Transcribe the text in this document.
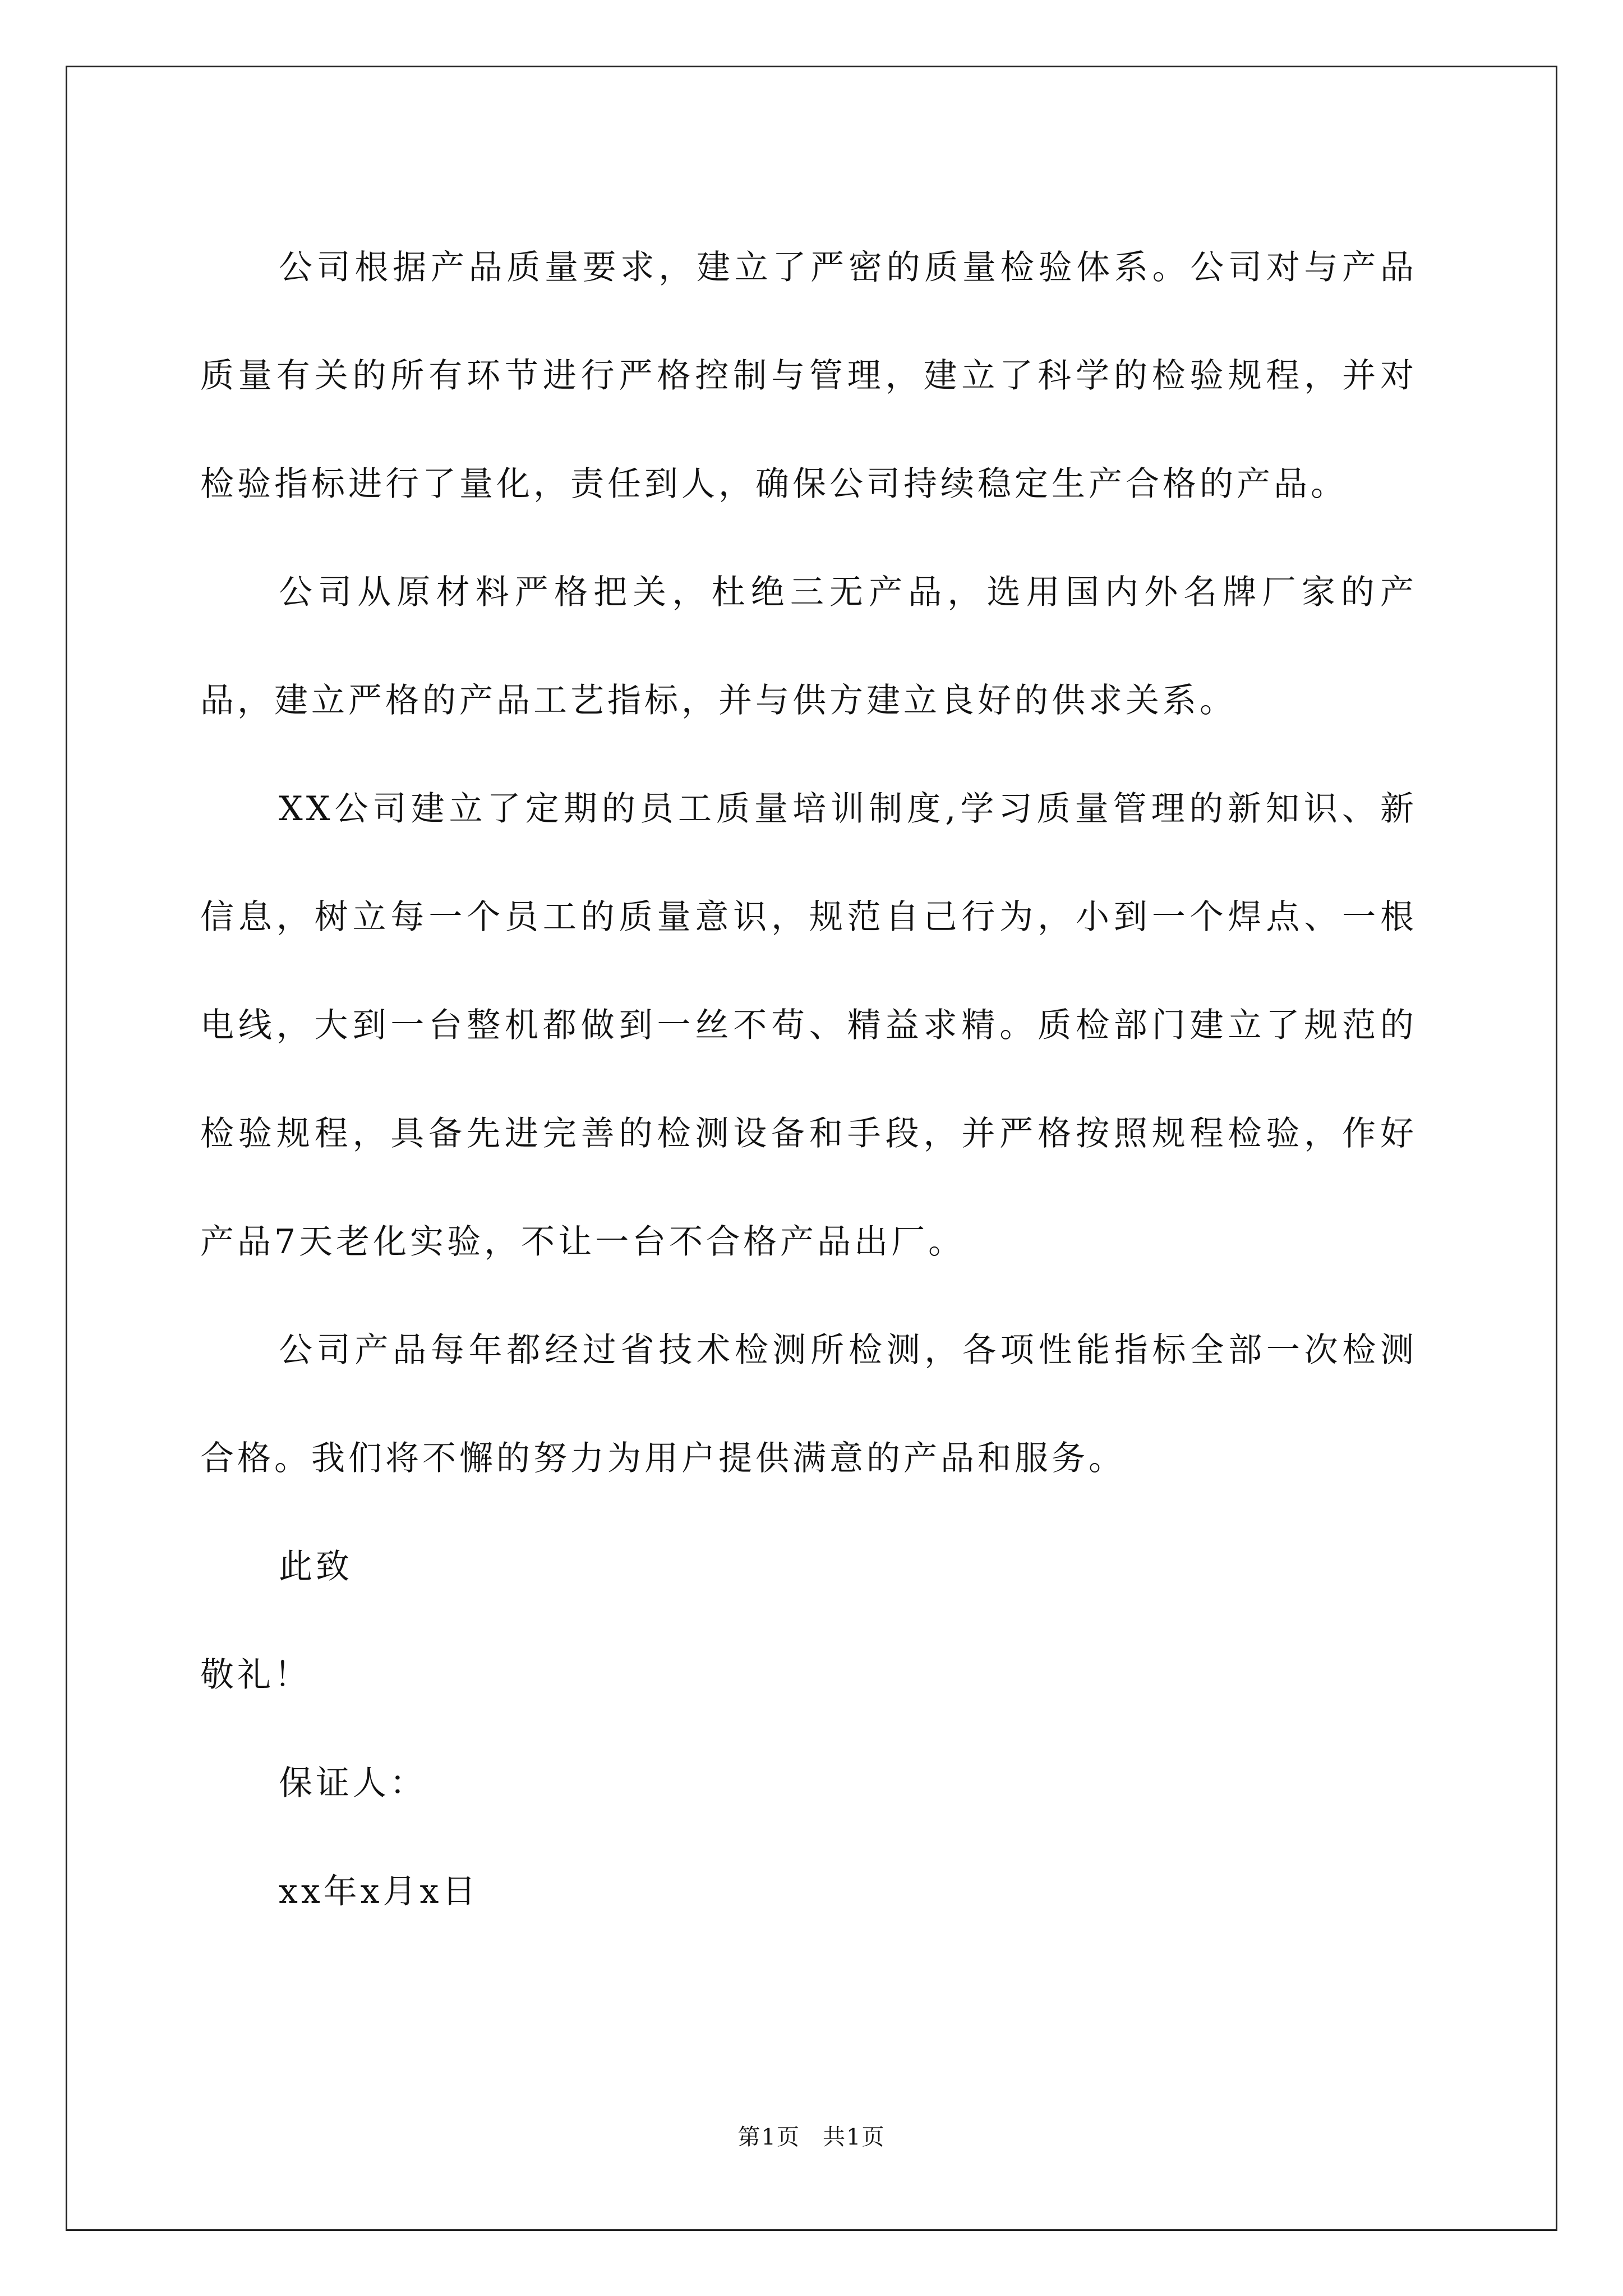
公司根据产品质量要求，建立了严密的质量检验体系。公司对与产品质量有关的所有环节进行严格控制与管理，建立了科学的检验规程，并对检验指标进行了量化，责任到人，确保公司持续稳定生产合格的产品。

公司从原材料严格把关，杜绝三无产品，选用国内外名牌厂家的产品，建立严格的产品工艺指标，并与供方建立良好的供求关系。

XX公司建立了定期的员工质量培训制度,学习质量管理的新知识、新信息，树立每一个员工的质量意识，规范自己行为，小到一个焊点、一根电线，大到一台整机都做到一丝不苟、精益求精。质检部门建立了规范的检验规程，具备先进完善的检测设备和手段，并严格按照规程检验，作好产品7天老化实验，不让一台不合格产品出厂。

公司产品每年都经过省技术检测所检测，各项性能指标全部一次检测合格。我们将不懈的努力为用户提供满意的产品和服务。

此致

敬礼！

保证人：

xx年x月x日

第1页 共1页
